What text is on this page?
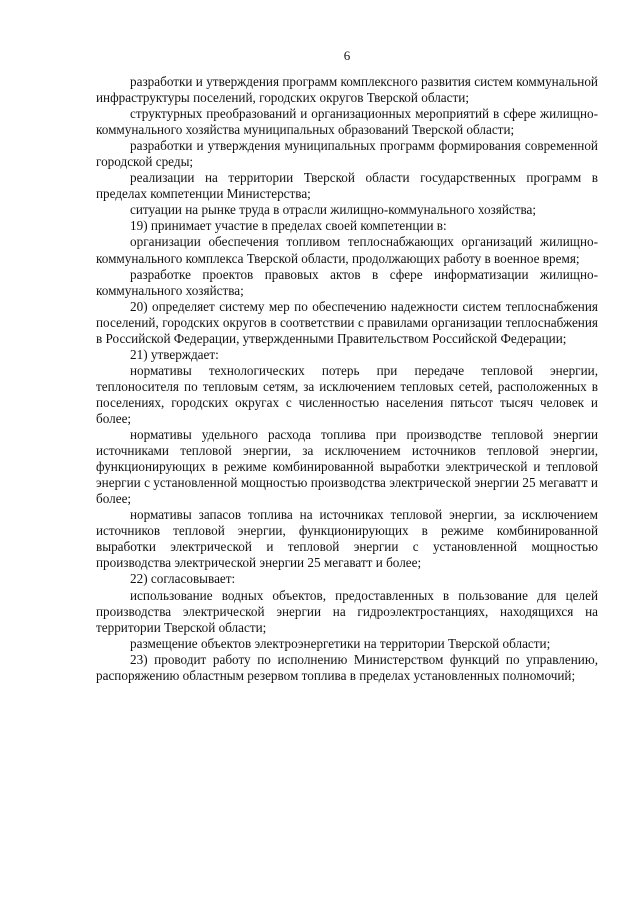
6

разработки и утверждения программ комплексного развития систем коммунальной инфраструктуры поселений, городских округов Тверской области;

структурных преобразований и организационных мероприятий в сфере жилищно-коммунального хозяйства муниципальных образований Тверской области;

разработки и утверждения муниципальных программ формирования современной городской среды;

реализации на территории Тверской области государственных программ в пределах компетенции Министерства;

ситуации на рынке труда в отрасли жилищно-коммунального хозяйства;

19) принимает участие в пределах своей компетенции в:

организации обеспечения топливом теплоснабжающих организаций жилищно-коммунального комплекса Тверской области, продолжающих работу в военное время;

разработке проектов правовых актов в сфере информатизации жилищно-коммунального хозяйства;

20) определяет систему мер по обеспечению надежности систем теплоснабжения поселений, городских округов в соответствии с правилами организации теплоснабжения в Российской Федерации, утвержденными Правительством Российской Федерации;

21) утверждает:

нормативы технологических потерь при передаче тепловой энергии, теплоносителя по тепловым сетям, за исключением тепловых сетей, расположенных в поселениях, городских округах с численностью населения пятьсот тысяч человек и более;

нормативы удельного расхода топлива при производстве тепловой энергии источниками тепловой энергии, за исключением источников тепловой энергии, функционирующих в режиме комбинированной выработки электрической и тепловой энергии с установленной мощностью производства электрической энергии 25 мегаватт и более;

нормативы запасов топлива на источниках тепловой энергии, за исключением источников тепловой энергии, функционирующих в режиме комбинированной выработки электрической и тепловой энергии с установленной мощностью производства электрической энергии 25 мегаватт и более;

22) согласовывает:

использование водных объектов, предоставленных в пользование для целей производства электрической энергии на гидроэлектростанциях, находящихся на территории Тверской области;

размещение объектов электроэнергетики на территории Тверской области;

23) проводит работу по исполнению Министерством функций по управлению, распоряжению областным резервом топлива в пределах установленных полномочий;
